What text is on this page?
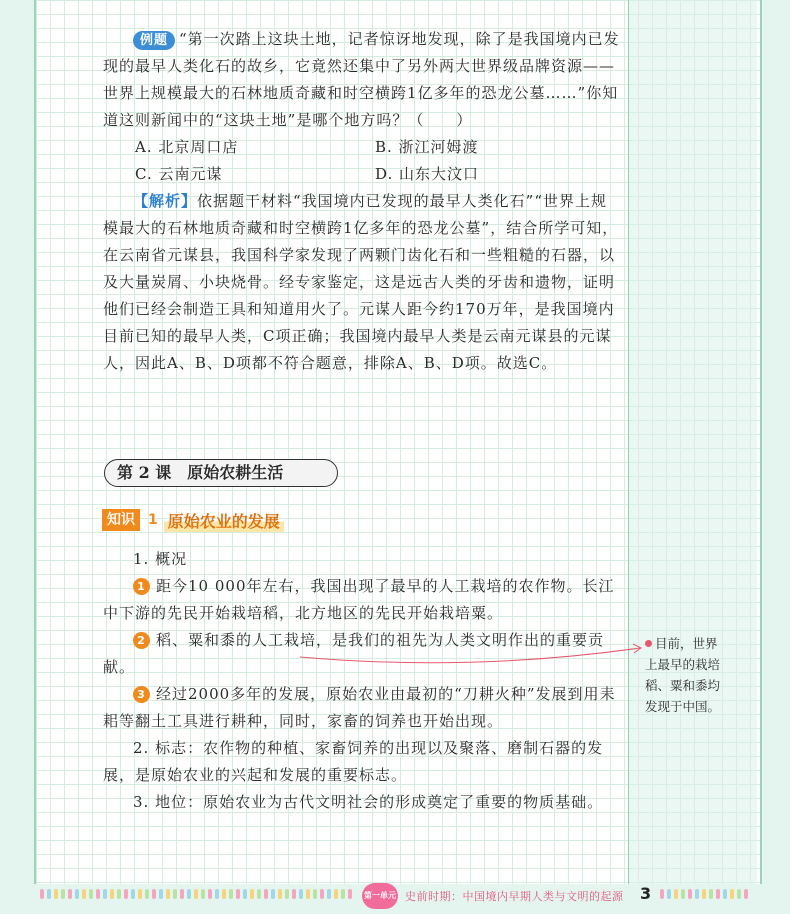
例题 “第一次踏上这块土地，记者惊讶地发现，除了是我国境内已发现的最早人类化石的故乡，它竟然还集中了另外两大世界级品牌资源——世界上规模最大的石林地质奇藏和时空横跨1亿多年的恐龙公墓……”你知道这则新闻中的“这块土地”是哪个地方吗？（　　）

A. 北京周口店	B. 浙江河姆渡
C. 云南元谋	D. 山东大汶口

【解析】依据题干材料“我国境内已发现的最早人类化石”“世界上规模最大的石林地质奇藏和时空横跨1亿多年的恐龙公墓”，结合所学可知，在云南省元谋县，我国科学家发现了两颗门齿化石和一些粗糙的石器，以及大量炭屑、小块烧骨。经专家鉴定，这是远古人类的牙齿和遗物，证明他们已经会制造工具和知道用火了。元谋人距今约170万年，是我国境内目前已知的最早人类，C项正确；我国境内最早人类是云南元谋县的元谋人，因此A、B、D项都不符合题意，排除A、B、D项。故选C。

第 2 课　原始农耕生活
知识 1 原始农业的发展

1. 概况

1 距今10 000年左右，我国出现了最早的人工栽培的农作物。长江中下游的先民开始栽培稻，北方地区的先民开始栽培粟。

2 稻、粟和黍的人工栽培，是我们的祖先为人类文明作出的重要贡献。

3 经过2000多年的发展，原始农业由最初的“刀耕火种”发展到用耒耜等翻土工具进行耕种，同时，家畜的饲养也开始出现。

2. 标志：农作物的种植、家畜饲养的出现以及聚落、磨制石器的发展，是原始农业的兴起和发展的重要标志。

3. 地位：原始农业为古代文明社会的形成奠定了重要的物质基础。

目前，世界上最早的栽培稻、粟和黍均发现于中国。
第一单元 史前时期：中国境内早期人类与文明的起源 3
